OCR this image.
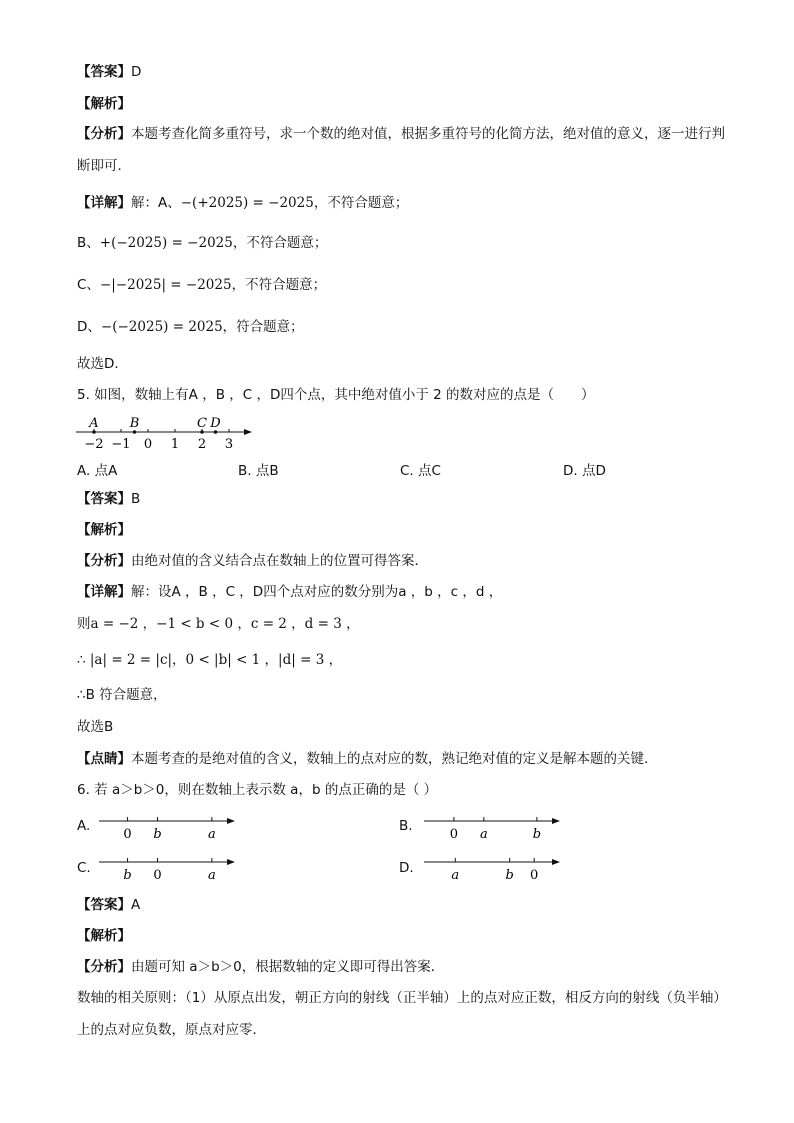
【答案】D
【解析】
【分析】本题考查化简多重符号，求一个数的绝对值，根据多重符号的化简方法，绝对值的意义，逐一进行判断即可．
【详解】解：A、−(+2025) = −2025，不符合题意；
B、+(−2025) = −2025，不符合题意；
C、−|−2025| = −2025，不符合题意；
D、−(−2025) = 2025，符合题意；
故选D．
5. 如图，数轴上有A ，B ，C ，D四个点，其中绝对值小于 2 的数对应的点是（　　）
−2 −1 0 1 2 3
A B	C D
A. 点A	B. 点B	C. 点C	D. 点D
【答案】B
【解析】
【分析】由绝对值的含义结合点在数轴上的位置可得答案．
【详解】解：设A ，B ，C ，D四个点对应的数分别为a ，b ，c ，d ，
则a = −2 ，−1 < b < 0 ，c = 2 ，d = 3 ，
∴ |a| = 2 = |c|，0 < |b| < 1 ，|d| = 3 ，
∴B 符合题意，
故选B
【点睛】本题考查的是绝对值的含义，数轴上的点对应的数，熟记绝对值的定义是解本题的关键．
6. 若 a＞b＞0，则在数轴上表示数 a，b 的点正确的是（ ）
A.
0 b	a
B.
0 a	b
C.	b 0	a	D.	a	b 0
【答案】A
【解析】
【分析】由题可知 a＞b＞0，根据数轴的定义即可得出答案．
数轴的相关原则：（1）从原点出发，朝正方向的射线（正半轴）上的点对应正数，相反方向的射线（负半轴）上的点对应负数，原点对应零．
